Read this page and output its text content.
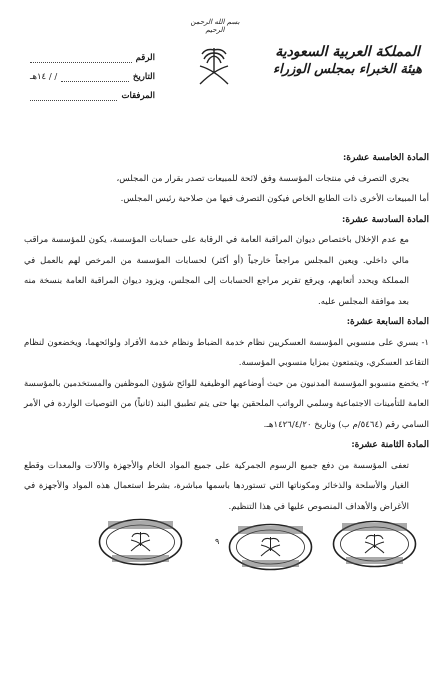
الرقم
التاريخ
/ / ١٤هـ
المرفقات
بسم الله الرحمن الرحيم
المملكة العربية السعودية
هيئة الخبراء بمجلس الوزراء

المادة الخامسة عشرة:

يجري التصرف في منتجات المؤسسة وفق لائحة للمبيعات تصدر بقرار من المجلس،

أما المبيعات الأخرى ذات الطابع الخاص فيكون التصرف فيها من صلاحية رئيس المجلس.

المادة السادسة عشرة:

مع عدم الإخلال باختصاص ديوان المراقبة العامة في الرقابة على حسابات المؤسسة، يكون للمؤسسة مراقب مالي داخلي. ويعين المجلس مراجعاً خارجياً (أو أكثر) لحسابات المؤسسة من المرخص لهم بالعمل في المملكة ويحدد أتعابهم، ويرفع تقرير مراجع الحسابات إلى المجلس، ويزود ديوان المراقبة العامة بنسخة منه بعد موافقة المجلس عليه.

المادة السابعة عشرة:

١- يسري على منسوبي المؤسسة العسكريين نظام خدمة الضباط ونظام خدمة الأفراد ولوائحهما، ويخضعون لنظام التقاعد العسكري، ويتمتعون بمزايا منسوبي المؤسسة.

٢- يخضع منسوبو المؤسسة المدنيون من حيث أوضاعهم الوظيفية للوائح شؤون الموظفين والمستخدمين بالمؤسسة العامة للتأمينات الاجتماعية وسلمي الرواتب الملحقين بها حتى يتم تطبيق البند (ثانياً) من التوصيات الواردة في الأمر السامي رقم (٥٤٦٤/م ب) وتاريخ ١٤٢٦/٤/٢٠هـ.

المادة الثامنة عشرة:

تعفى المؤسسة من دفع جميع الرسوم الجمركية على جميع المواد الخام والأجهزة والآلات والمعدات وقطع الغيار والأسلحة والذخائر ومكوناتها التي تستوردها باسمها مباشرة، بشرط استعمال هذه المواد والأجهزة في الأغراض والأهداف المنصوص عليها في هذا التنظيم.

٩
